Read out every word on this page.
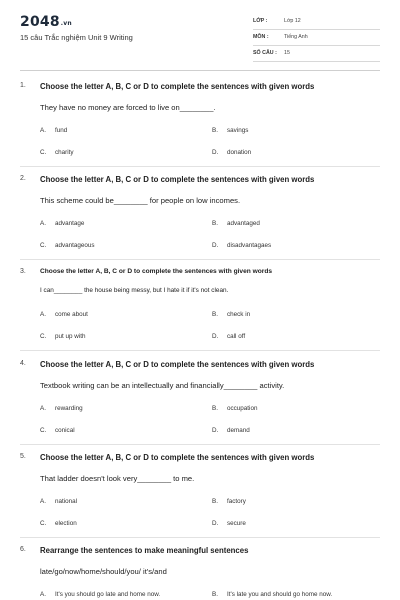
2048.vn
15 câu Trắc nghiệm Unit 9 Writing
LỚP :	Lớp 12
MÔN :	Tiếng Anh
SỐ CÂU : 15
1. Choose the letter A, B, C or D to complete the sentences with given words
They have no money are forced to live on________.
A. fund	B. savings
C. charity	D. donation
2. Choose the letter A, B, C or D to complete the sentences with given words
This scheme could be________ for people on low incomes.
A. advantage	B. advantaged
C. advantageous	D. disadvantagaes
3. Choose the letter A, B, C or D to complete the sentences with given words
I can________ the house being messy, but I hate it if it's not clean.
A. come about	B. check in
C. put up with	D. call off
4. Choose the letter A, B, C or D to complete the sentences with given words
Textbook writing can be an intellectually and financially________ activity.
A. rewarding	B. occupation
C. conical	D. demand
5. Choose the letter A, B, C or D to complete the sentences with given words
That ladder doesn't look very________ to me.
A. national	B. factory
C. election	D. secure
6. Rearrange the sentences to make meaningful sentences
late/go/now/home/should/you/ it's/and
A. It's you should go late and home now.	B. It's late you and should go home now.
